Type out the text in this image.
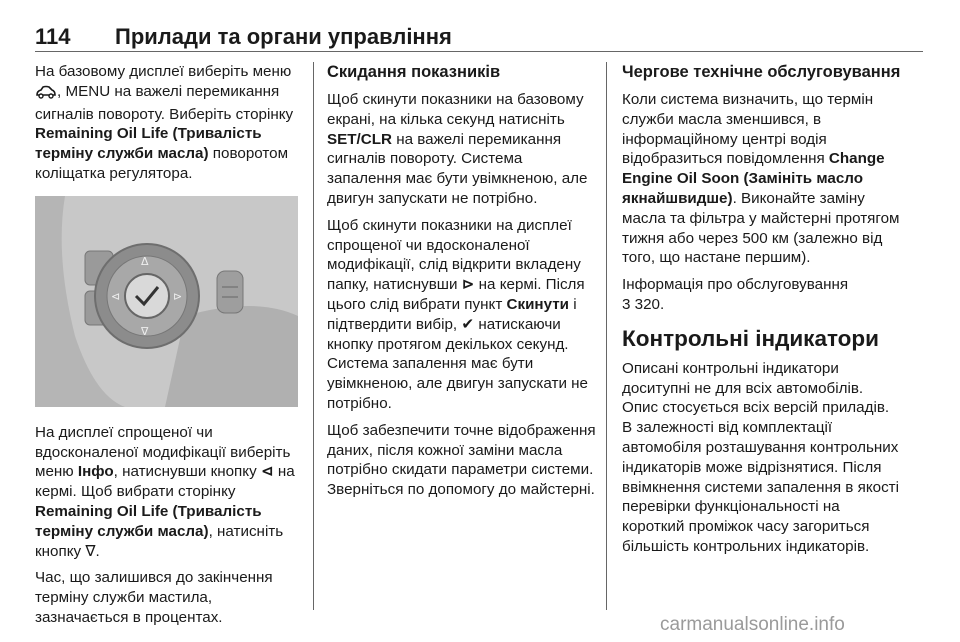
114 Прилади та органи управління

На базовому дисплеї виберіть меню , MENU на важелі перемикання сигналів повороту. Виберіть сторінку Remaining Oil Life (Тривалість терміну служби масла) поворотом коліщатка регулятора.

Δ
∇
⊲	⊳

На дисплеї спрощеної чи вдосконаленої модифікації виберіть меню Інфо, натиснувши кнопку ⊲ на кермі. Щоб вибрати сторінку Remaining Oil Life (Тривалість терміну служби масла), натисніть кнопку ∇.

Час, що залишився до закінчення терміну служби мастила, зазначається в процентах.

Скидання показників

Щоб скинути показники на базовому екрані, на кілька секунд натисніть SET/CLR на важелі перемикання сигналів повороту. Система запалення має бути увімкненою, але двигун запускати не потрібно.

Щоб скинути показники на дисплеї спрощеної чи вдосконаленої модифікації, слід відкрити вкладену папку, натиснувши ⊳ на кермі. Після цього слід вибрати пункт Скинути і підтвердити вибір, ✔ натискаючи кнопку протягом декількох секунд. Система запалення має бути увімкненою, але двигун запускати не потрібно.

Щоб забезпечити точне відображення даних, після кожної заміни масла потрібно скидати параметри системи. Зверніться по допомогу до майстерні.

Чергове технічне обслуговування

Коли система визначить, що термін служби масла зменшився, в інформаційному центрі водія відобразиться повідомлення Change Engine Oil Soon (Замініть масло якнайшвидше). Виконайте заміну масла та фільтра у майстерні протягом тижня або через 500 км (залежно від того, що настане першим).

Інформація про обслуговування
3 320.

Контрольні індикатори

Описані контрольні індикатори доситупні не для всіх автомобілів. Опис стосується всіх версій приладів. В залежності від комплектації автомобіля розташування контрольних індикаторів може відрізнятися. Після ввімкнення системи запалення в якості перевірки функціональності на короткий проміжок часу загориться більшість контрольних індикаторів.

carmanualsonline.info
